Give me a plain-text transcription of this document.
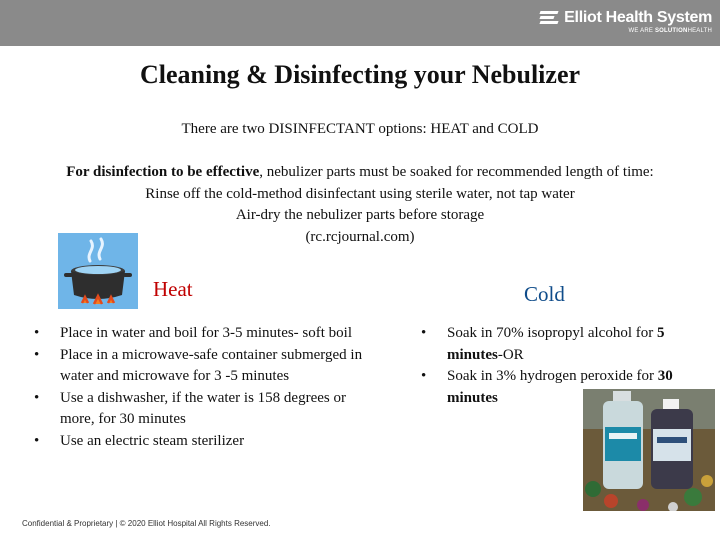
Elliot Health System
WE ARE SOLUTIONHEALTH
Cleaning & Disinfecting your Nebulizer
There are two DISINFECTANT options: HEAT and COLD
For disinfection to be effective, nebulizer parts must be soaked for recommended length of time:
Rinse off the cold-method disinfectant using sterile water, not tap water
Air-dry the nebulizer parts before storage
(rc.rcjournal.com)
Heat	Cold
• Place in water and boil for 3-5 minutes- soft boil
• Place in a microwave-safe container submerged in water and microwave for 3 -5 minutes
• Use a dishwasher, if the water is 158 degrees or more, for 30 minutes
• Use an electric steam sterilizer
• Soak in 70% isopropyl alcohol for 5 minutes-OR
• Soak in 3% hydrogen peroxide for 30 minutes
Confidential & Proprietary | © 2020 Elliot Hospital All Rights Reserved.
